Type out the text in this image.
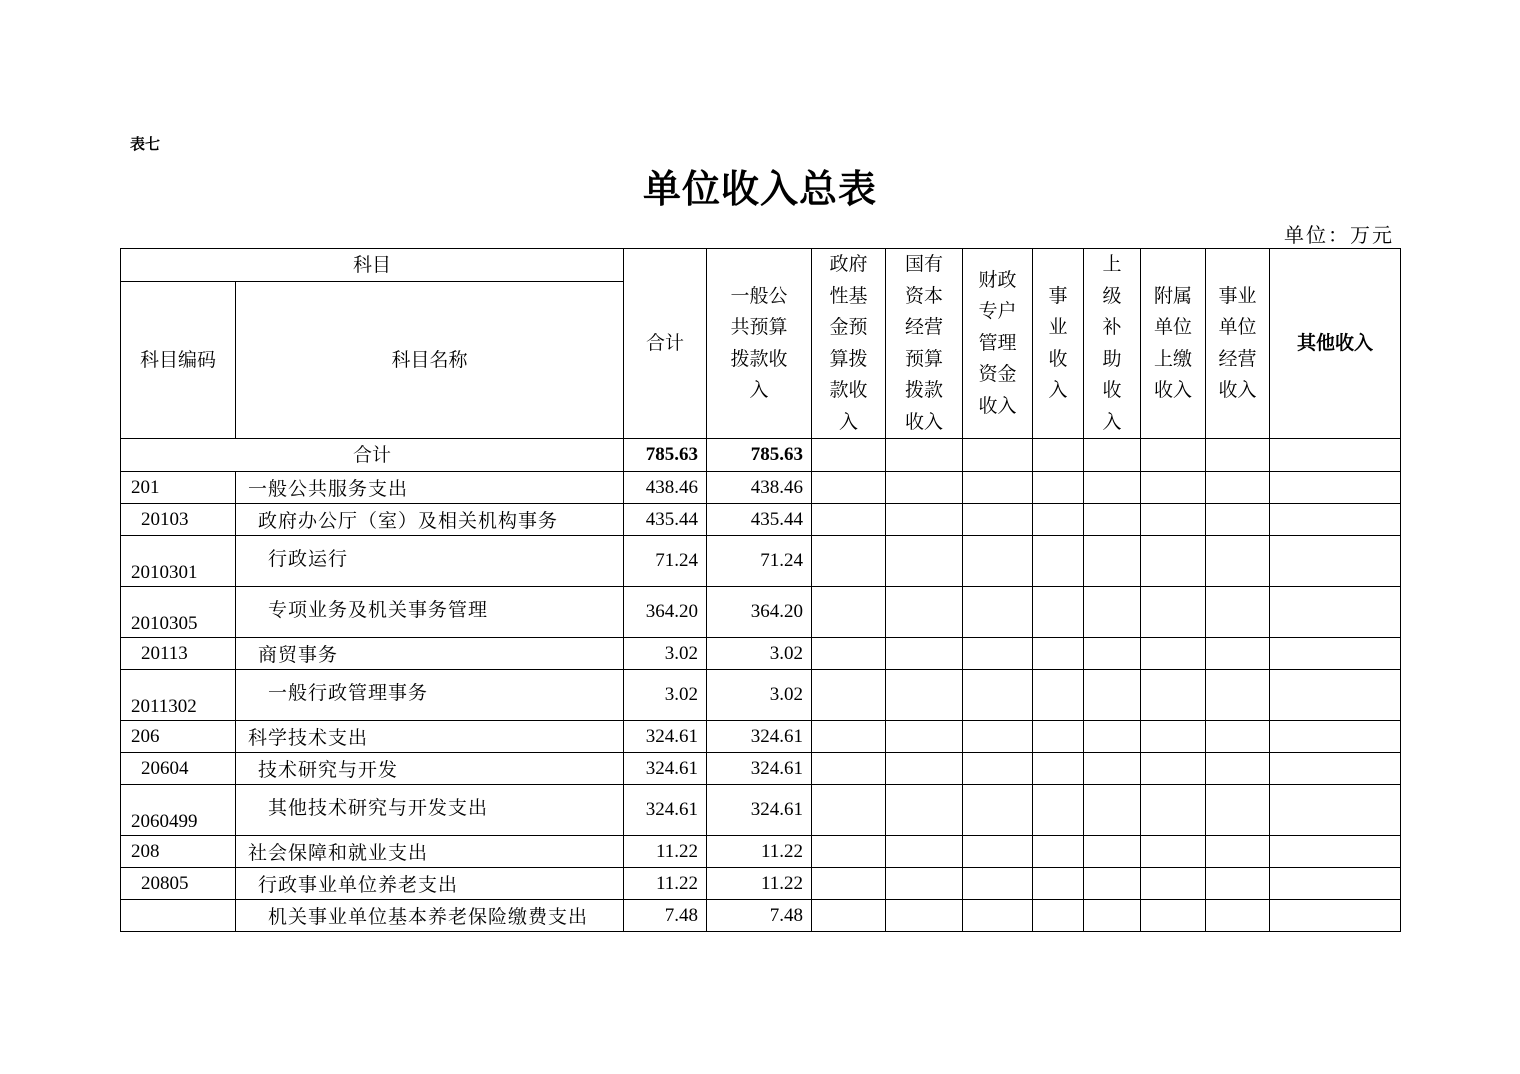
表七
单位收入总表
单位：万元
科目		合计	一般公共预算拨款收入	政府性基金预算拨款收入	国有资本经营预算拨款收入	财政专户管理资金收入	事业收入	上级补助收入	附属单位上缴收入	事业单位经营收入	其他收入
科目编码	科目名称										
合计		785.63	785.63								
201	一般公共服务支出	438.46	438.46								
20103	政府办公厅（室）及相关机构事务	435.44	435.44								
2010301	行政运行	71.24	71.24								
2010305	专项业务及机关事务管理	364.20	364.20								
20113	商贸事务	3.02	3.02								
2011302	一般行政管理事务	3.02	3.02								
206	科学技术支出	324.61	324.61								
20604	技术研究与开发	324.61	324.61								
2060499	其他技术研究与开发支出	324.61	324.61								
208	社会保障和就业支出	11.22	11.22								
20805	行政事业单位养老支出	11.22	11.22								
	机关事业单位基本养老保险缴费支出	7.48	7.48								
